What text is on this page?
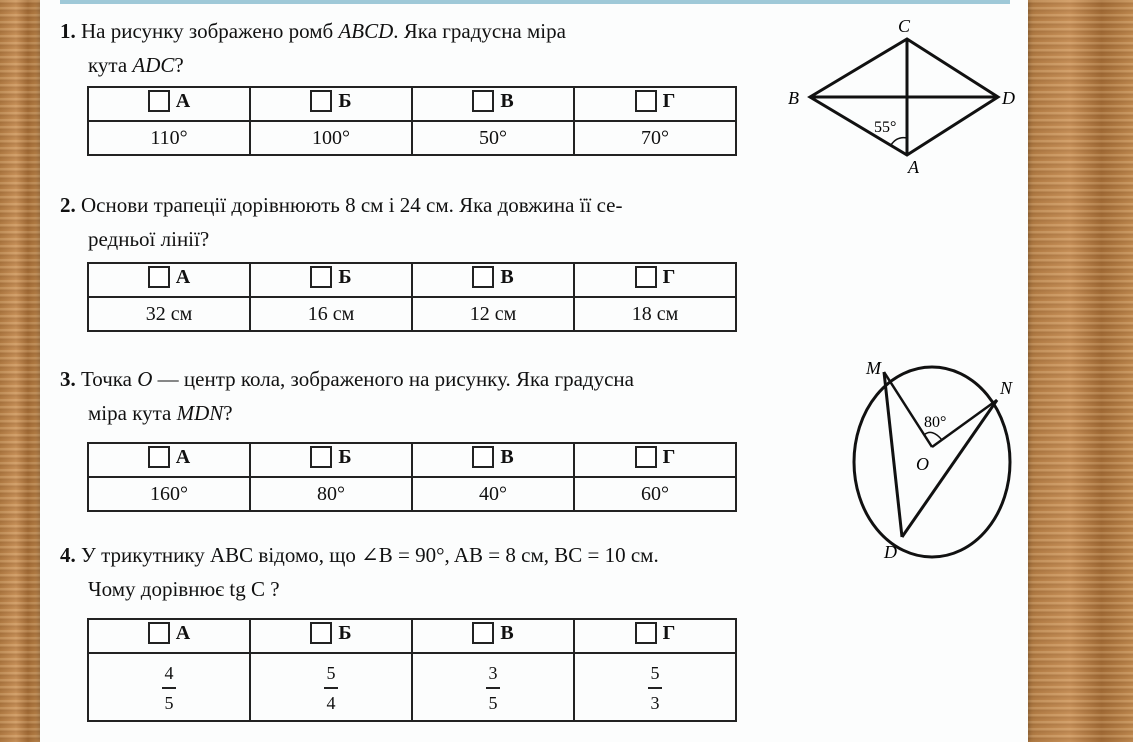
1. На рисунку зображено ромб ABCD. Яка градусна міра
кута ADC?
А	Б	В	Г

110°	100°	50°	70°
2. Основи трапеції дорівнюють 8 см і 24 см. Яка довжина її се-
редньої лінії?
А	Б	В	Г

32 см	16 см	12 см	18 см
3. Точка O — центр кола, зображеного на рисунку. Яка градусна
міра кута MDN?
А	Б	В	Г

160°	80°	40°	60°
4. У трикутнику ABC відомо, що ∠B = 90°, AB = 8 см, BC = 10 см.
Чому дорівнює tg C ?
А	Б	В	Г

$\frac{4}{5}$	$\frac{5}{4}$	$\frac{3}{5}$	$\frac{5}{3}$
C
B	D
A
55°
M
N
O
D
80°
